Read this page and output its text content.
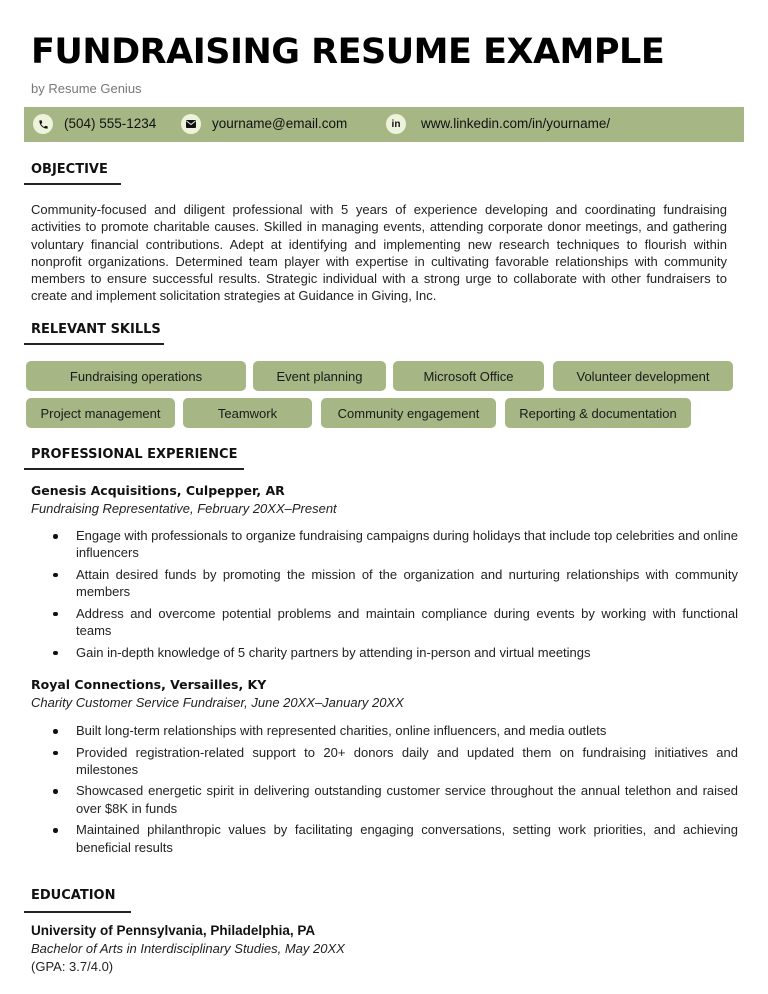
FUNDRAISING RESUME EXAMPLE
by Resume Genius
(504) 555-1234	yourname@email.com	in	www.linkedin.com/in/yourname/
OBJECTIVE
Community-focused and diligent professional with 5 years of experience developing and coordinating fundraising activities to promote charitable causes. Skilled in managing events, attending corporate donor meetings, and gathering voluntary financial contributions. Adept at identifying and implementing new research techniques to flourish within nonprofit organizations. Determined team player with expertise in cultivating favorable relationships with community members to ensure successful results. Strategic individual with a strong urge to collaborate with other fundraisers to create and implement solicitation strategies at Guidance in Giving, Inc.
RELEVANT SKILLS
Fundraising operations	Event planning	Microsoft Office	Volunteer development
Project management	Teamwork	Community engagement	Reporting & documentation
PROFESSIONAL EXPERIENCE
Genesis Acquisitions, Culpepper, AR
Fundraising Representative, February 20XX–Present
Engage with professionals to organize fundraising campaigns during holidays that include top celebrities and online influencers
Attain desired funds by promoting the mission of the organization and nurturing relationships with community members
Address and overcome potential problems and maintain compliance during events by working with functional teams
Gain in-depth knowledge of 5 charity partners by attending in-person and virtual meetings
Royal Connections, Versailles, KY
Charity Customer Service Fundraiser, June 20XX–January 20XX
Built long-term relationships with represented charities, online influencers, and media outlets
Provided registration-related support to 20+ donors daily and updated them on fundraising initiatives and milestones
Showcased energetic spirit in delivering outstanding customer service throughout the annual telethon and raised over $8K in funds
Maintained philanthropic values by facilitating engaging conversations, setting work priorities, and achieving beneficial results
EDUCATION
University of Pennsylvania, Philadelphia, PA
Bachelor of Arts in Interdisciplinary Studies, May 20XX
(GPA: 3.7/4.0)
